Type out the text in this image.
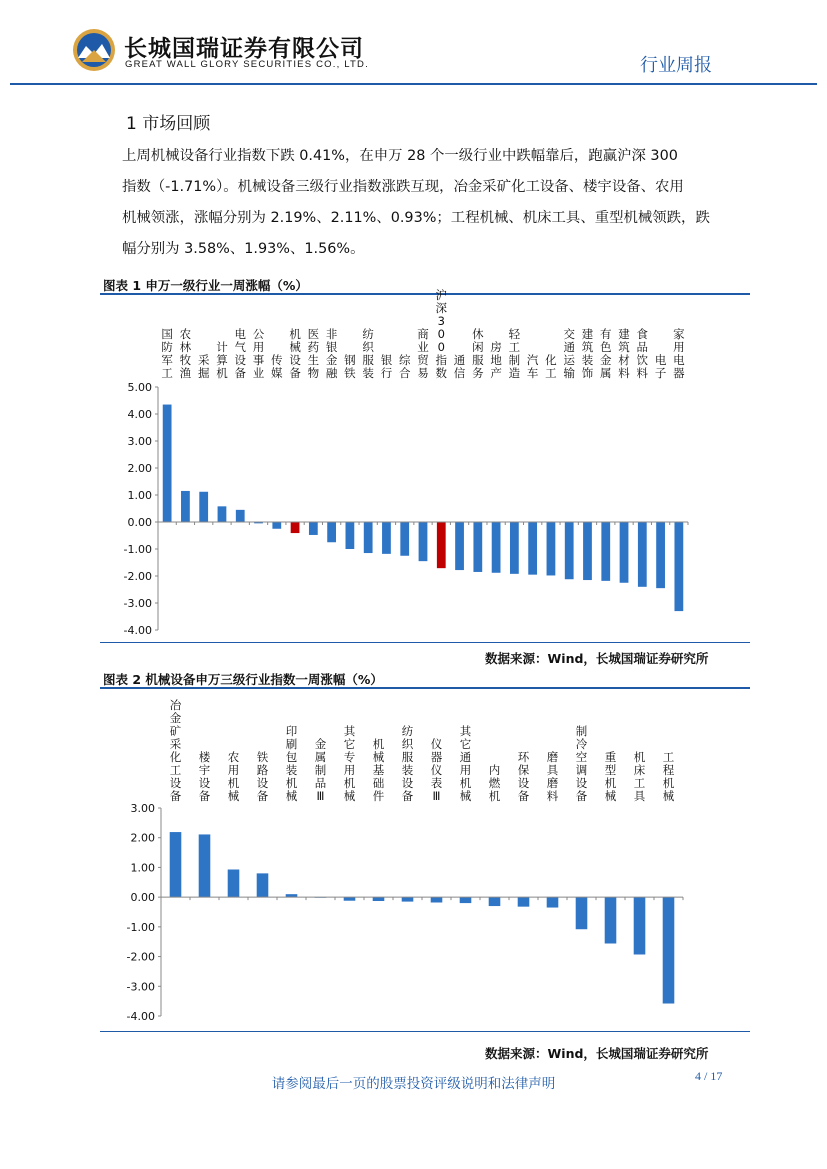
长城国瑞证券有限公司
GREAT WALL GLORY SECURITIES CO., LTD.	行业周报
1 市场回顾

上周机械设备行业指数下跌 0.41%，在申万 28 个一级行业中跌幅靠后，跑赢沪深 300

指数（-1.71%）。机械设备三级行业指数涨跌互现，冶金采矿化工设备、楼宇设备、农用

机械领涨，涨幅分别为 2.19%、2.11%、0.93%；工程机械、机床工具、重型机械领跌，跌

幅分别为 3.58%、1.93%、1.56%。

图表 1 申万一级行业一周涨幅（%）
5.00
4.00
3.00
2.00
1.00
0.00
-1.00
-2.00
-3.00
-4.00
国防军工
农林牧渔
采掘
计算机
电气设备
公用事业
传媒
机械设备
医药生物
非银金融
钢铁
纺织服装
银行
综合
商业贸易
沪深 3 0 0 指数
通信
休闲服务
房地产
轻工制造
汽车
化工
交通运输
建筑装饰
有色金属
建筑材料
食品饮料
电子
家用电器
数据来源：Wind，长城国瑞证券研究所
图表 2 机械设备申万三级行业指数一周涨幅（%）
3.00
2.00
1.00
0.00
-1.00
-2.00
-3.00
-4.00
冶金矿采化工设备
楼宇设备
农用机械
铁路设备
印刷包装机械
金属制品 Ⅲ
其它专用机械
机械基础件
纺织服装设备
仪器仪表 Ⅲ
其它通用机械
内燃机
环保设备
磨具磨料
制冷空调设备
重型机械
机床工具
工程机械
数据来源：Wind，长城国瑞证券研究所
请参阅最后一页的股票投资评级说明和法律声明	4 / 17
